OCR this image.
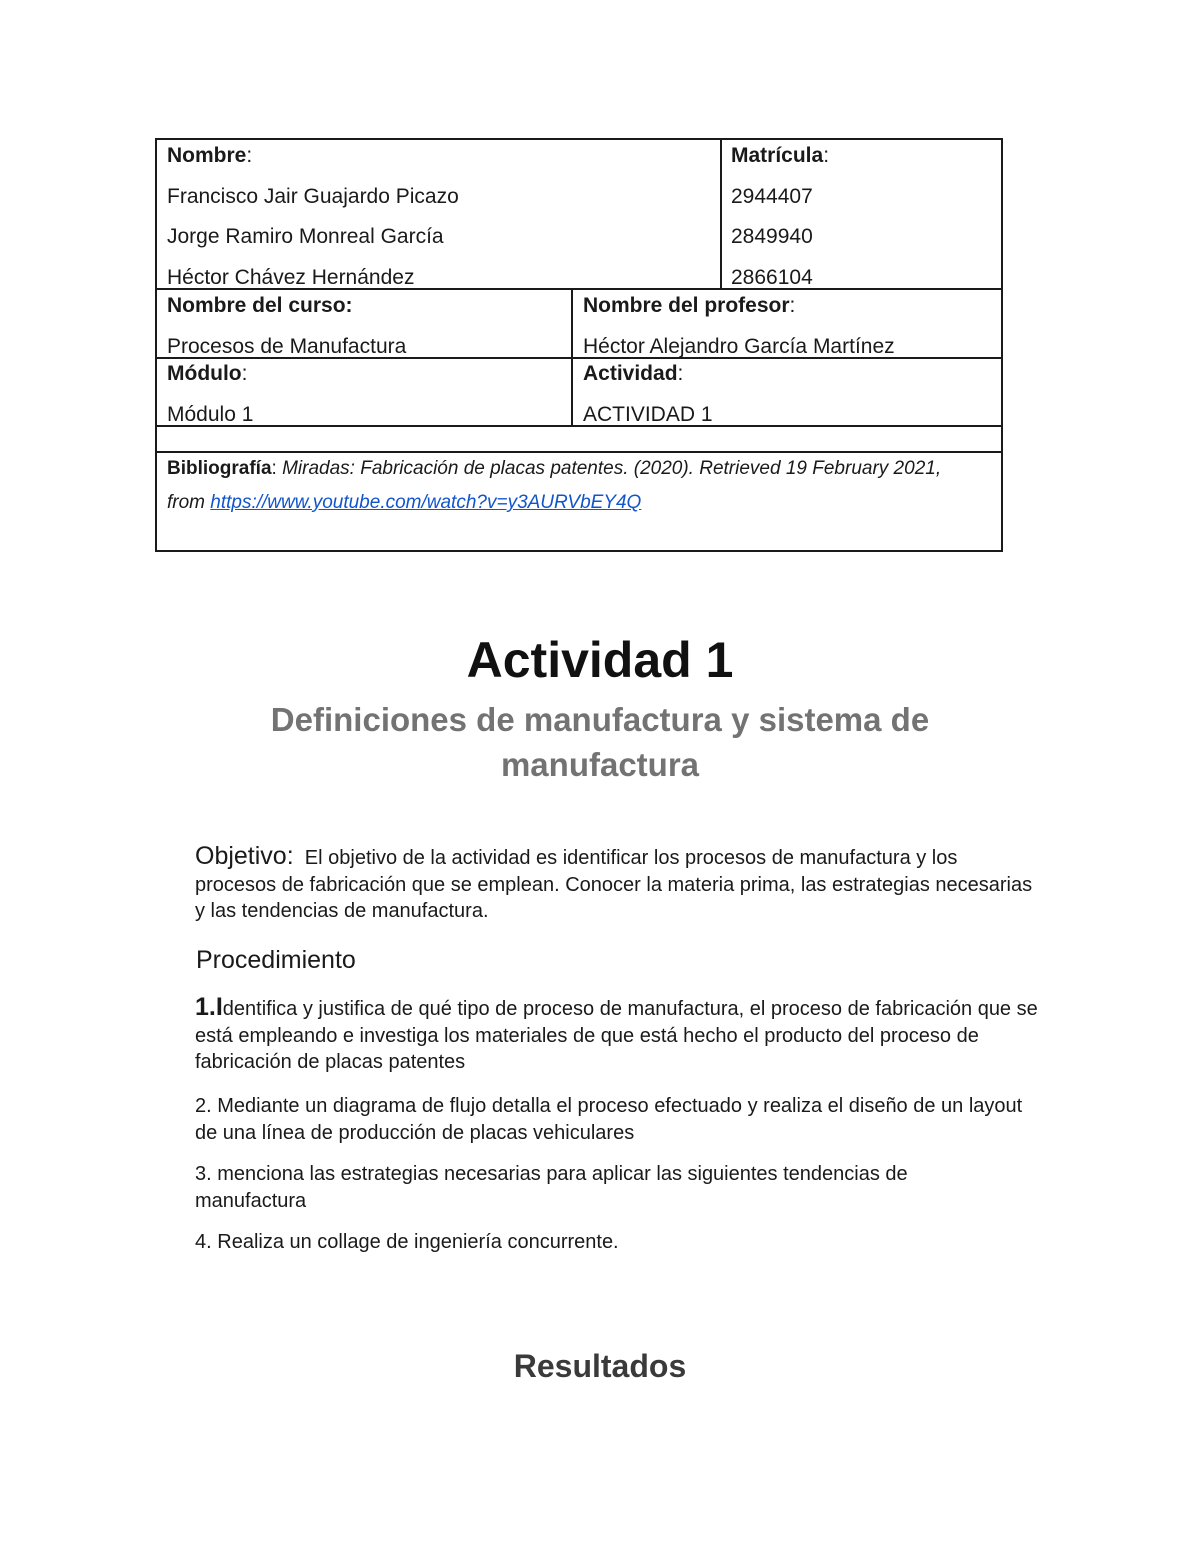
Nombre:
Francisco Jair Guajardo Picazo
Jorge Ramiro Monreal García
Héctor Chávez Hernández
Matrícula:
2944407
2849940
2866104
Nombre del curso:
Procesos de Manufactura
Nombre del profesor:
Héctor Alejandro García Martínez
Módulo:
Módulo 1
Actividad:
ACTIVIDAD 1
Bibliografía: Miradas: Fabricación de placas patentes. (2020). Retrieved 19 February 2021,
from https://www.youtube.com/watch?v=y3AURVbEY4Q
Actividad 1
Definiciones de manufactura y sistema de manufactura
Objetivo: El objetivo de la actividad es identificar los procesos de manufactura y los procesos de fabricación que se emplean. Conocer la materia prima, las estrategias necesarias y las tendencias de manufactura.
Procedimiento
1.Identifica y justifica de qué tipo de proceso de manufactura, el proceso de fabricación que se está empleando e investiga los materiales de que está hecho el producto del proceso de fabricación de placas patentes
2. Mediante un diagrama de flujo detalla el proceso efectuado y realiza el diseño de un layout de una línea de producción de placas vehiculares
3. menciona las estrategias necesarias para aplicar las siguientes tendencias de manufactura
4. Realiza un collage de ingeniería concurrente.
Resultados
